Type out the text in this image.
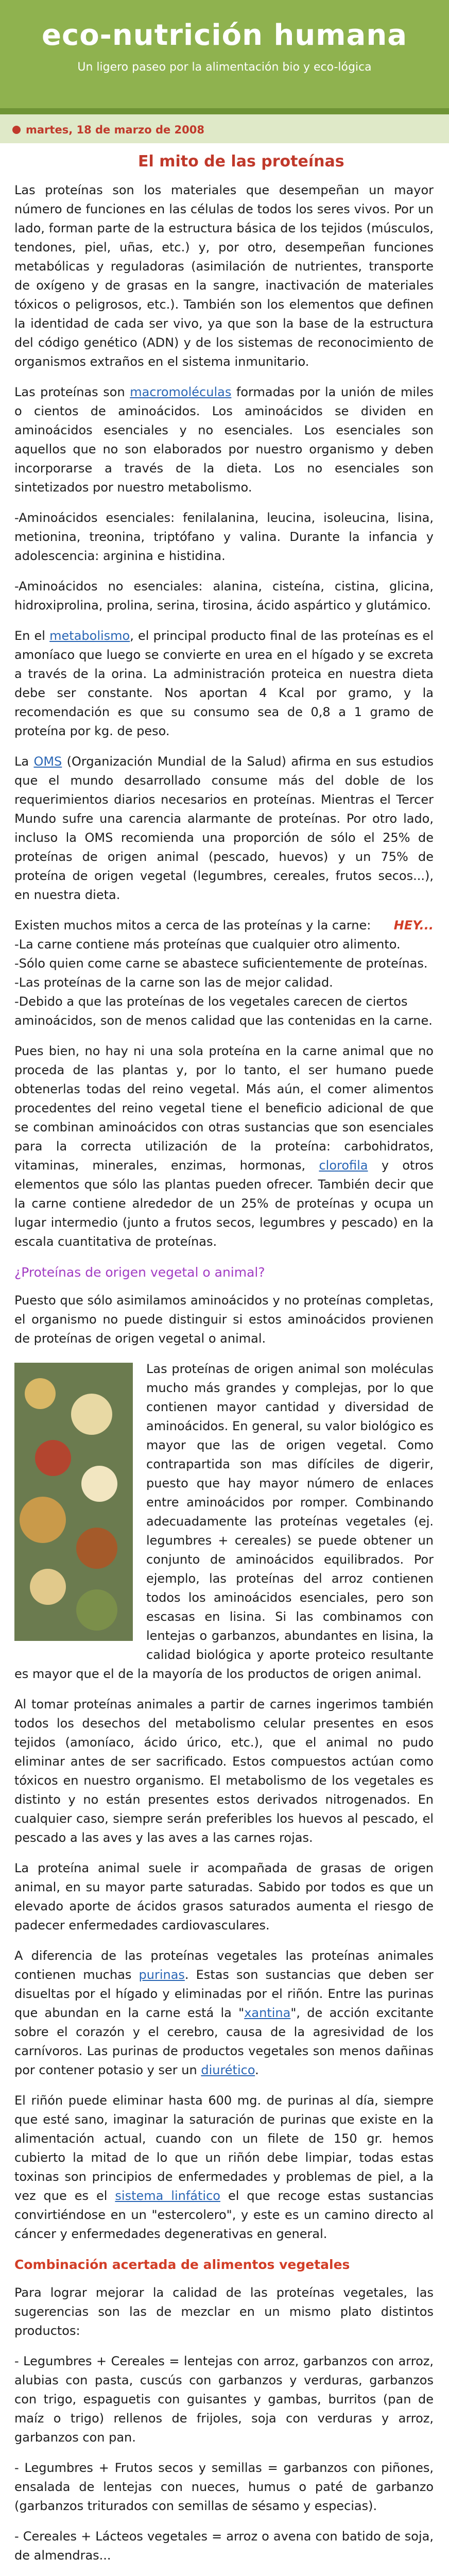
eco-nutrición humana
Un ligero paseo por la alimentación bio y eco-lógica
martes, 18 de marzo de 2008
El mito de las proteínas
Las proteínas son los materiales que desempeñan un mayor número de funciones en las células de todos los seres vivos. Por un lado, forman parte de la estructura básica de los tejidos (músculos, tendones, piel, uñas, etc.) y, por otro, desempeñan funciones metabólicas y reguladoras (asimilación de nutrientes, transporte de oxígeno y de grasas en la sangre, inactivación de materiales tóxicos o peligrosos, etc.). También son los elementos que definen la identidad de cada ser vivo, ya que son la base de la estructura del código genético (ADN) y de los sistemas de reconocimiento de organismos extraños en el sistema inmunitario.
Las proteínas son macromoléculas formadas por la unión de miles o cientos de aminoácidos. Los aminoácidos se dividen en aminoácidos esenciales y no esenciales. Los esenciales son aquellos que no son elaborados por nuestro organismo y deben incorporarse a través de la dieta. Los no esenciales son sintetizados por nuestro metabolismo.
-Aminoácidos esenciales: fenilalanina, leucina, isoleucina, lisina, metionina, treonina, triptófano y valina. Durante la infancia y adolescencia: arginina e histidina.
-Aminoácidos no esenciales: alanina, cisteína, cistina, glicina, hidroxiprolina, prolina, serina, tirosina, ácido aspártico y glutámico.
En el metabolismo, el principal producto final de las proteínas es el amoníaco que luego se convierte en urea en el hígado y se excreta a través de la orina. La administración proteica en nuestra dieta debe ser constante. Nos aportan 4 Kcal por gramo, y la recomendación es que su consumo sea de 0,8 a 1 gramo de proteína por kg. de peso.
La OMS (Organización Mundial de la Salud) afirma en sus estudios que el mundo desarrollado consume más del doble de los requerimientos diarios necesarios en proteínas. Mientras el Tercer Mundo sufre una carencia alarmante de proteínas. Por otro lado, incluso la OMS recomienda una proporción de sólo el 25% de proteínas de origen animal (pescado, huevos) y un 75% de proteína de origen vegetal (legumbres, cereales, frutos secos...), en nuestra dieta.
Existen muchos mitos a cerca de las proteínas y la carne: HEY...
-La carne contiene más proteínas que cualquier otro alimento.
-Sólo quien come carne se abastece suficientemente de proteínas.
-Las proteínas de la carne son las de mejor calidad.
-Debido a que las proteínas de los vegetales carecen de ciertos aminoácidos, son de menos calidad que las contenidas en la carne.
Pues bien, no hay ni una sola proteína en la carne animal que no proceda de las plantas y, por lo tanto, el ser humano puede obtenerlas todas del reino vegetal. Más aún, el comer alimentos procedentes del reino vegetal tiene el beneficio adicional de que se combinan aminoácidos con otras sustancias que son esenciales para la correcta utilización de la proteína: carbohidratos, vitaminas, minerales, enzimas, hormonas, clorofila y otros elementos que sólo las plantas pueden ofrecer. También decir que la carne contiene alrededor de un 25% de proteínas y ocupa un lugar intermedio (junto a frutos secos, legumbres y pescado) en la escala cuantitativa de proteínas.
¿Proteínas de origen vegetal o animal?
Puesto que sólo asimilamos aminoácidos y no proteínas completas, el organismo no puede distinguir si estos aminoácidos provienen de proteínas de origen vegetal o animal.
Las proteínas de origen animal son moléculas mucho más grandes y complejas, por lo que contienen mayor cantidad y diversidad de aminoácidos. En general, su valor biológico es mayor que las de origen vegetal. Como contrapartida son mas difíciles de digerir, puesto que hay mayor número de enlaces entre aminoácidos por romper. Combinando adecuadamente las proteínas vegetales (ej. legumbres + cereales) se puede obtener un conjunto de aminoácidos equilibrados. Por ejemplo, las proteínas del arroz contienen todos los aminoácidos esenciales, pero son escasas en lisina. Si las combinamos con lentejas o garbanzos, abundantes en lisina, la calidad biológica y aporte proteico resultante es mayor que el de la mayoría de los productos de origen animal.
Al tomar proteínas animales a partir de carnes ingerimos también todos los desechos del metabolismo celular presentes en esos tejidos (amoníaco, ácido úrico, etc.), que el animal no pudo eliminar antes de ser sacrificado. Estos compuestos actúan como tóxicos en nuestro organismo. El metabolismo de los vegetales es distinto y no están presentes estos derivados nitrogenados. En cualquier caso, siempre serán preferibles los huevos al pescado, el pescado a las aves y las aves a las carnes rojas.
La proteína animal suele ir acompañada de grasas de origen animal, en su mayor parte saturadas. Sabido por todos es que un elevado aporte de ácidos grasos saturados aumenta el riesgo de padecer enfermedades cardiovasculares.
A diferencia de las proteínas vegetales las proteínas animales contienen muchas purinas. Estas son sustancias que deben ser disueltas por el hígado y eliminadas por el riñón. Entre las purinas que abundan en la carne está la "xantina", de acción excitante sobre el corazón y el cerebro, causa de la agresividad de los carnívoros. Las purinas de productos vegetales son menos dañinas por contener potasio y ser un diurético.
El riñón puede eliminar hasta 600 mg. de purinas al día, siempre que esté sano, imaginar la saturación de purinas que existe en la alimentación actual, cuando con un filete de 150 gr. hemos cubierto la mitad de lo que un riñón debe limpiar, todas estas toxinas son principios de enfermedades y problemas de piel, a la vez que es el sistema linfático el que recoge estas sustancias convirtiéndose en un "estercolero", y este es un camino directo al cáncer y enfermedades degenerativas en general.
Combinación acertada de alimentos vegetales
Para lograr mejorar la calidad de las proteínas vegetales, las sugerencias son las de mezclar en un mismo plato distintos productos:
- Legumbres + Cereales = lentejas con arroz, garbanzos con arroz, alubias con pasta, cuscús con garbanzos y verduras, garbanzos con trigo, espaguetis con guisantes y gambas, burritos (pan de maíz o trigo) rellenos de frijoles, soja con verduras y arroz, garbanzos con pan.
- Legumbres + Frutos secos y semillas = garbanzos con piñones, ensalada de lentejas con nueces, humus o paté de garbanzo (garbanzos triturados con semillas de sésamo y especias).
- Cereales + Lácteos vegetales = arroz o avena con batido de soja, de almendras...
